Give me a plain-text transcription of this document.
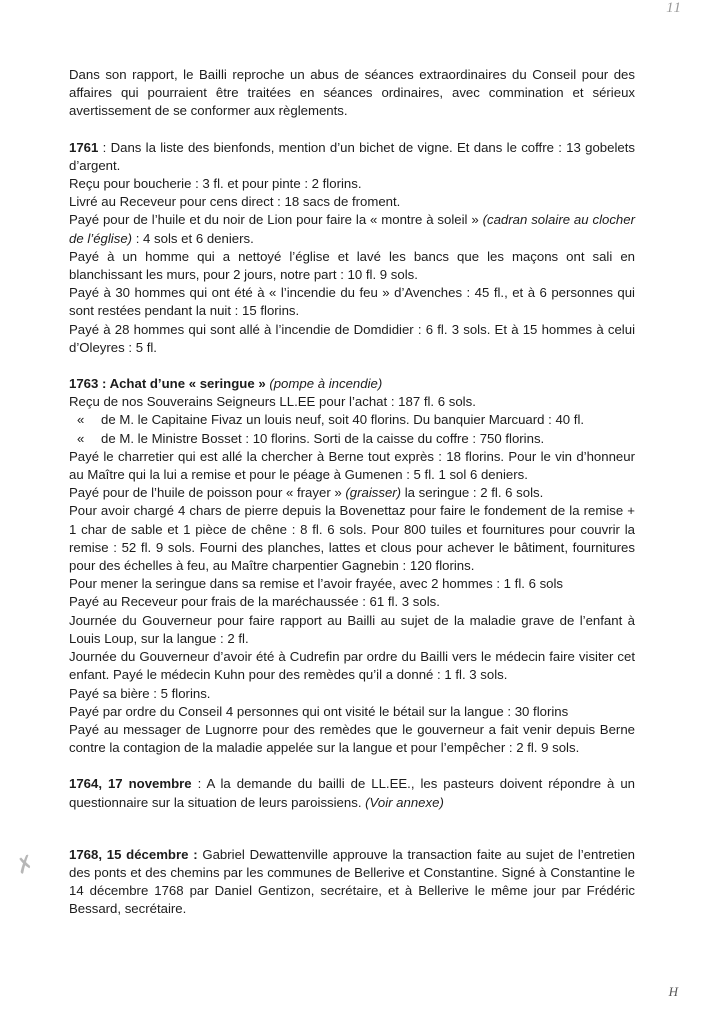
11
✗

Dans son rapport, le Bailli reproche un abus de séances extraordinaires du Conseil pour des affaires qui pourraient être traitées en séances ordinaires, avec commination et sérieux avertissement de se conformer aux règlements.

1761 : Dans la liste des bienfonds, mention d’un bichet de vigne. Et dans le coffre : 13 gobelets d’argent.

Reçu pour boucherie : 3 fl. et pour pinte : 2 florins.

Livré au Receveur pour cens direct : 18 sacs de froment.

Payé pour de l’huile et du noir de Lion pour faire la « montre à soleil » (cadran solaire au clocher de l’église) : 4 sols et 6 deniers.

Payé à un homme qui a nettoyé l’église et lavé les bancs que les maçons ont sali en blanchissant les murs, pour 2 jours, notre part : 10 fl. 9 sols.

Payé à 30 hommes qui ont été à « l’incendie du feu » d’Avenches : 45 fl., et à 6 personnes qui sont restées pendant la nuit : 15 florins.

Payé à 28 hommes qui sont allé à l’incendie de Domdidier : 6 fl. 3 sols. Et à 15 hommes à celui d’Oleyres : 5 fl.

1763 : Achat d’une « seringue » (pompe à incendie)

Reçu de nos Souverains Seigneurs LL.EE pour l’achat : 187 fl. 6 sols.

« de M. le Capitaine Fivaz un louis neuf, soit 40 florins. Du banquier Marcuard : 40 fl.

« de M. le Ministre Bosset : 10 florins. Sorti de la caisse du coffre : 750 florins.

Payé le charretier qui est allé la chercher à Berne tout exprès : 18 florins. Pour le vin d’honneur au Maître qui la lui a remise et pour le péage à Gumenen : 5 fl. 1 sol 6 deniers.

Payé pour de l’huile de poisson pour « frayer » (graisser) la seringue : 2 fl. 6 sols.

Pour avoir chargé 4 chars de pierre depuis la Bovenettaz pour faire le fondement de la remise + 1 char de sable et 1 pièce de chêne : 8 fl. 6 sols. Pour 800 tuiles et fournitures pour couvrir la remise : 52 fl. 9 sols. Fourni des planches, lattes et clous pour achever le bâtiment, fournitures pour des échelles à feu, au Maître charpentier Gagnebin : 120 florins.

Pour mener la seringue dans sa remise et l’avoir frayée, avec 2 hommes : 1 fl. 6 sols

Payé au Receveur pour frais de la maréchaussée : 61 fl. 3 sols.

Journée du Gouverneur pour faire rapport au Bailli au sujet de la maladie grave de l’enfant à Louis Loup, sur la langue : 2 fl.

Journée du Gouverneur d’avoir été à Cudrefin par ordre du Bailli vers le médecin faire visiter cet enfant. Payé le médecin Kuhn pour des remèdes qu’il a donné : 1 fl. 3 sols.

Payé sa bière : 5 florins.

Payé par ordre du Conseil 4 personnes qui ont visité le bétail sur la langue : 30 florins

Payé au messager de Lugnorre pour des remèdes que le gouverneur a fait venir depuis Berne contre la contagion de la maladie appelée sur la langue et pour l’empêcher : 2 fl. 9 sols.

1764, 17 novembre : A la demande du bailli de LL.EE., les pasteurs doivent répondre à un questionnaire sur la situation de leurs paroissiens. (Voir annexe)

1768, 15 décembre : Gabriel Dewattenville approuve la transaction faite au sujet de l’entretien des ponts et des chemins par les communes de Bellerive et Constantine. Signé à Constantine le 14 décembre 1768 par Daniel Gentizon, secrétaire, et à Bellerive le même jour par Frédéric Bessard, secrétaire.

H
